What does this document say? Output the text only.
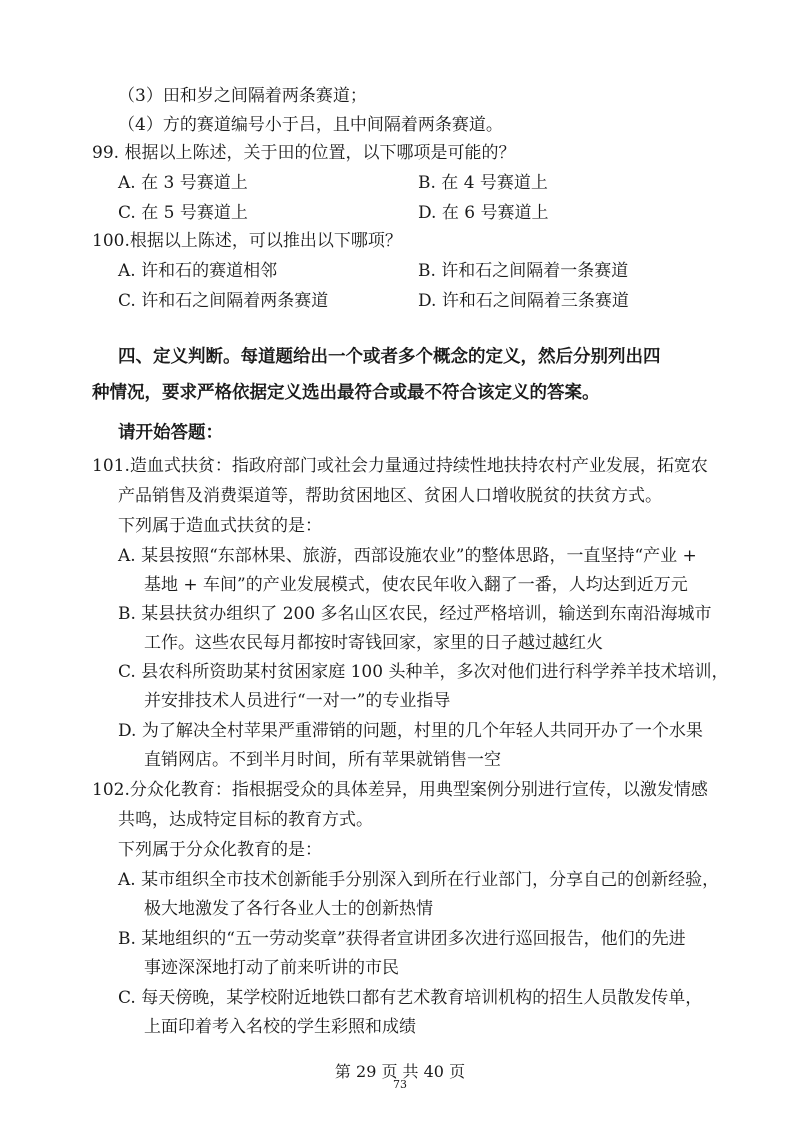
（3）田和岁之间隔着两条赛道；
（4）方的赛道编号小于吕，且中间隔着两条赛道。
99. 根据以上陈述，关于田的位置，以下哪项是可能的？
A. 在 3 号赛道上	B. 在 4 号赛道上
C. 在 5 号赛道上	D. 在 6 号赛道上
100.根据以上陈述，可以推出以下哪项？
A. 许和石的赛道相邻	B. 许和石之间隔着一条赛道
C. 许和石之间隔着两条赛道	D. 许和石之间隔着三条赛道
四、定义判断。每道题给出一个或者多个概念的定义，然后分别列出四
种情况，要求严格依据定义选出最符合或最不符合该定义的答案。
请开始答题：
101.造血式扶贫：指政府部门或社会力量通过持续性地扶持农村产业发展，拓宽农
产品销售及消费渠道等，帮助贫困地区、贫困人口增收脱贫的扶贫方式。
下列属于造血式扶贫的是：
A. 某县按照“东部林果、旅游，西部设施农业”的整体思路，一直坚持“产业 +
基地 + 车间”的产业发展模式，使农民年收入翻了一番，人均达到近万元
B. 某县扶贫办组织了 200 多名山区农民，经过严格培训，输送到东南沿海城市
工作。这些农民每月都按时寄钱回家，家里的日子越过越红火
C. 县农科所资助某村贫困家庭 100 头种羊，多次对他们进行科学养羊技术培训，
并安排技术人员进行“一对一”的专业指导
D. 为了解决全村苹果严重滞销的问题，村里的几个年轻人共同开办了一个水果
直销网店。不到半月时间，所有苹果就销售一空
102.分众化教育：指根据受众的具体差异，用典型案例分别进行宣传，以激发情感
共鸣，达成特定目标的教育方式。
下列属于分众化教育的是：
A. 某市组织全市技术创新能手分别深入到所在行业部门，分享自己的创新经验，
极大地激发了各行各业人士的创新热情
B. 某地组织的“五一劳动奖章”获得者宣讲团多次进行巡回报告，他们的先进
事迹深深地打动了前来听讲的市民
C. 每天傍晚，某学校附近地铁口都有艺术教育培训机构的招生人员散发传单，
上面印着考入名校的学生彩照和成绩
第 29 页 共 40 页
73
